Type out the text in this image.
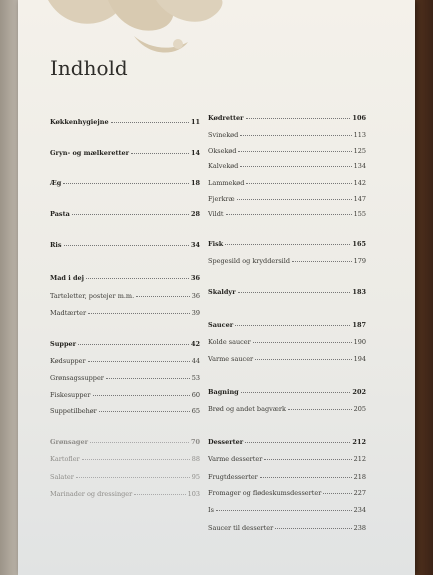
Indhold
Køkkenhygiejne	11
Gryn- og mælkeretter	14
Æg	18
Pasta	28
Ris	34
Mad i dej	36
Tarteletter, postejer m.m.	36
Madtærter	39
Supper	42
Kødsupper	44
Grønsagssupper	53
Fiskesupper	60
Suppetilbehør	65
Grønsager	70
Kartofler	88
Salater	95
Marinader og dressinger	103
Kødretter	106
Svinekød	113
Oksekød	125
Kalvekød	134
Lammekød	142
Fjerkræ	147
Vildt	155
Fisk	165
Spegesild og kryddersild	179
Skaldyr	183
Saucer	187
Kolde saucer	190
Varme saucer	194
Bagning	202
Brød og andet bagværk	205
Desserter	212
Varme desserter	212
Frugtdesserter	218
Fromager og flødeskumsdesserter	227
Is	234
Saucer til desserter	238
